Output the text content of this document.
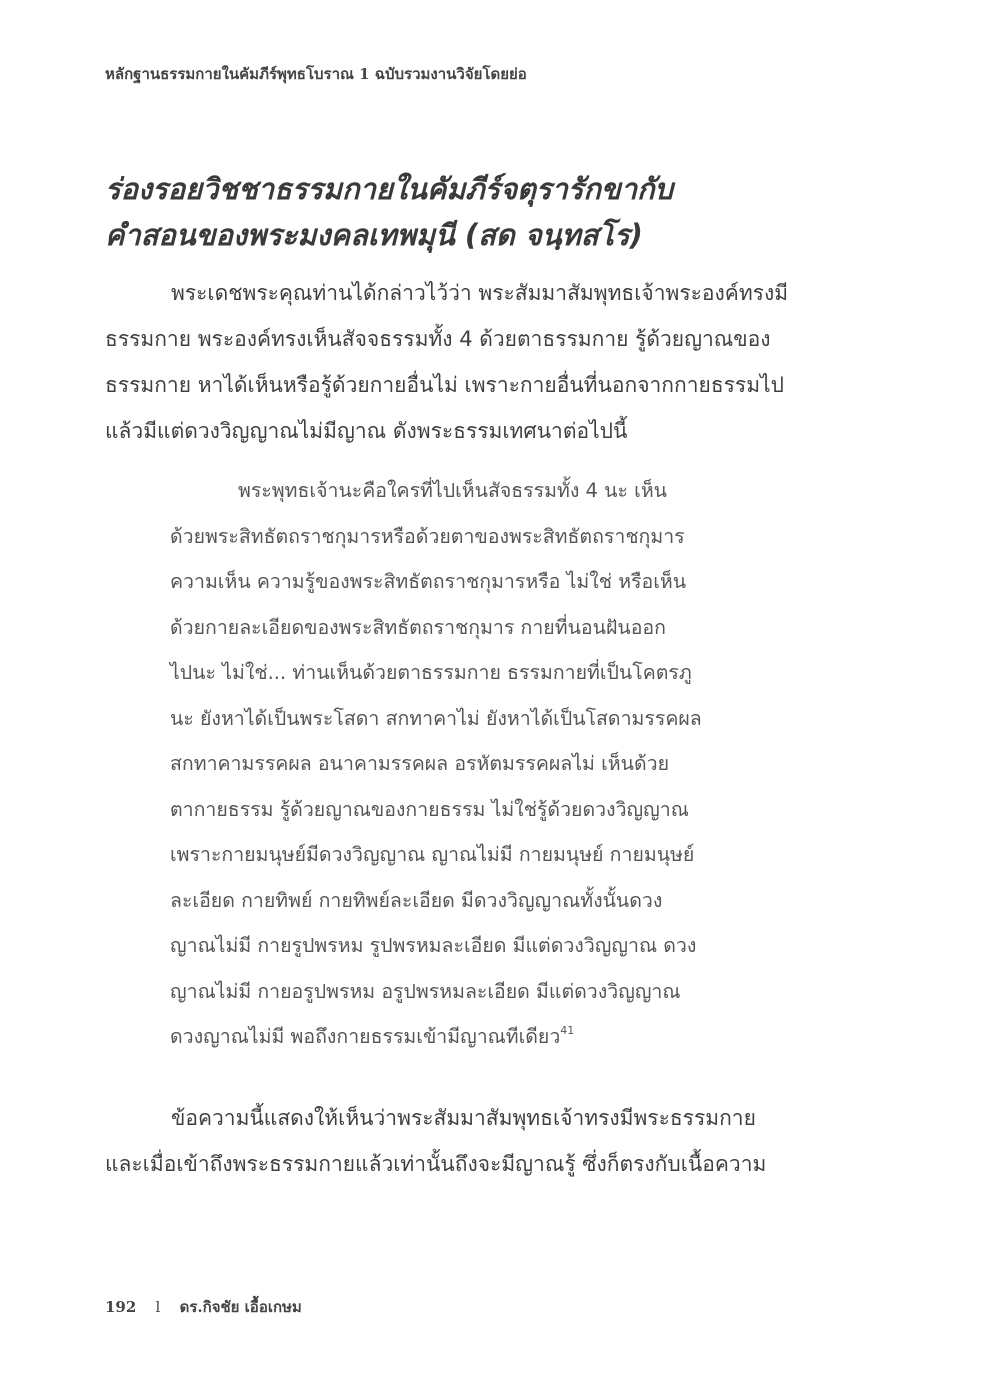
หลักฐานธรรมกายในคัมภีร์พุทธโบราณ 1 ฉบับรวมงานวิจัยโดยย่อ
ร่องรอยวิชชาธรรมกายในคัมภีร์จตุรารักขากับ
คำสอนของพระมงคลเทพมุนี (สด จนฺทสโร)

พระเดชพระคุณท่านได้กล่าวไว้ว่า พระสัมมาสัมพุทธเจ้าพระองค์ทรงมี
ธรรมกาย พระองค์ทรงเห็นสัจจธรรมทั้ง 4 ด้วยตาธรรมกาย รู้ด้วยญาณของ
ธรรมกาย หาได้เห็นหรือรู้ด้วยกายอื่นไม่ เพราะกายอื่นที่นอกจากกายธรรมไป
แล้วมีแต่ดวงวิญญาณไม่มีญาณ ดังพระธรรมเทศนาต่อไปนี้

พระพุทธเจ้านะคือใครที่ไปเห็นสัจธรรมทั้ง 4 นะ เห็น
ด้วยพระสิทธัตถราชกุมารหรือด้วยตาของพระสิทธัตถราชกุมาร
ความเห็น ความรู้ของพระสิทธัตถราชกุมารหรือ ไม่ใช่ หรือเห็น
ด้วยกายละเอียดของพระสิทธัตถราชกุมาร กายที่นอนฝันออก
ไปนะ ไม่ใช่... ท่านเห็นด้วยตาธรรมกาย ธรรมกายที่เป็นโคตรภู
นะ ยังหาได้เป็นพระโสดา สกทาคาไม่ ยังหาได้เป็นโสดามรรคผล
สกทาคามรรคผล อนาคามรรคผล อรหัตมรรคผลไม่ เห็นด้วย
ตากายธรรม รู้ด้วยญาณของกายธรรม ไม่ใช่รู้ด้วยดวงวิญญาณ
เพราะกายมนุษย์มีดวงวิญญาณ ญาณไม่มี กายมนุษย์ กายมนุษย์
ละเอียด กายทิพย์ กายทิพย์ละเอียด มีดวงวิญญาณทั้งนั้นดวง
ญาณไม่มี กายรูปพรหม รูปพรหมละเอียด มีแต่ดวงวิญญาณ ดวง
ญาณไม่มี กายอรูปพรหม อรูปพรหมละเอียด มีแต่ดวงวิญญาณ
ดวงญาณไม่มี พอถึงกายธรรมเข้ามีญาณทีเดียว$^{41}$

ข้อความนี้แสดงให้เห็นว่าพระสัมมาสัมพุทธเจ้าทรงมีพระธรรมกาย
และเมื่อเข้าถึงพระธรรมกายแล้วเท่านั้นถึงจะมีญาณรู้ ซึ่งก็ตรงกับเนื้อความ

192 l ดร.กิจชัย เอื้อเกษม
